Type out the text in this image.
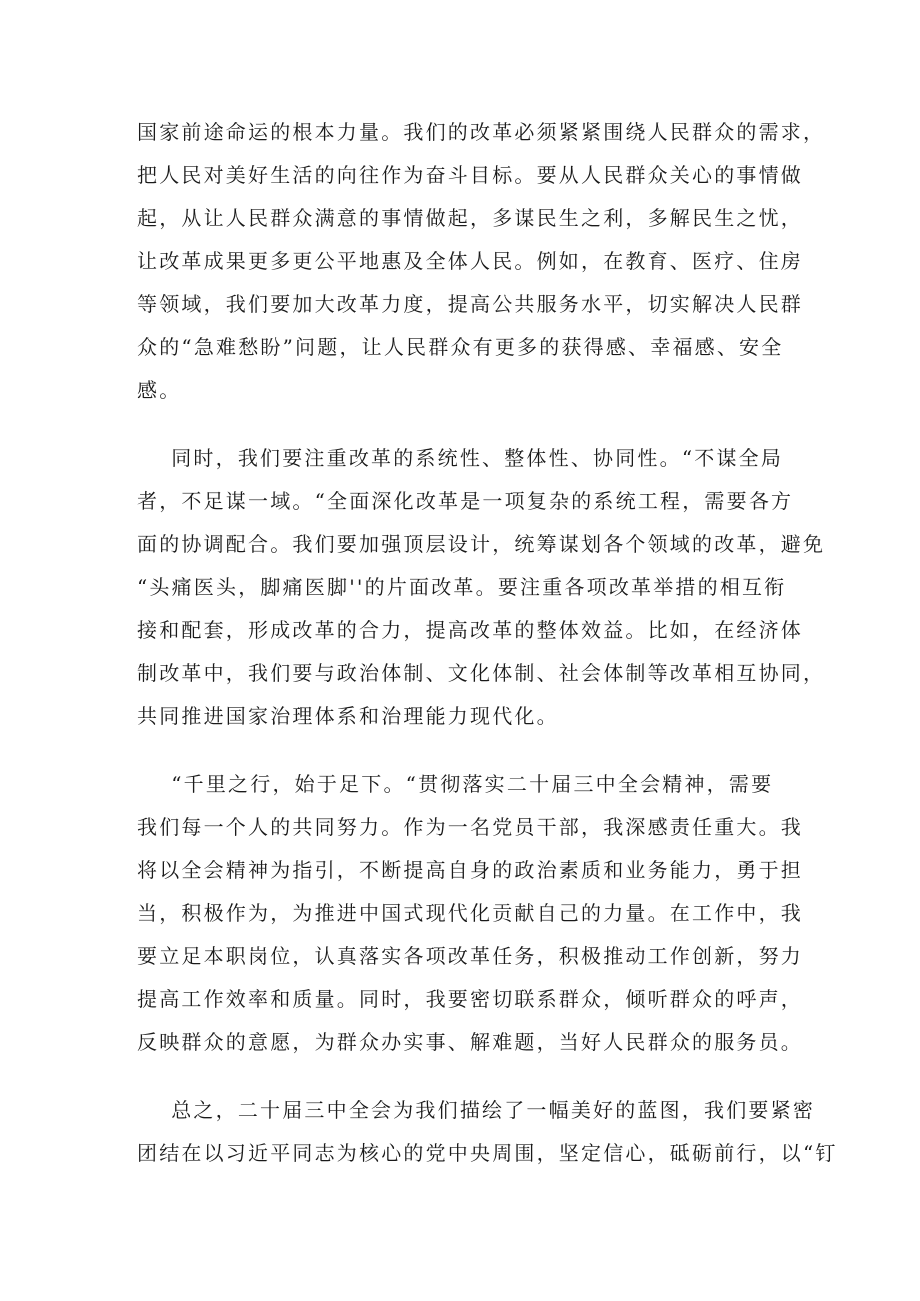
国家前途命运的根本力量。我们的改革必须紧紧围绕人民群众的需求，
把人民对美好生活的向往作为奋斗目标。要从人民群众关心的事情做
起，从让人民群众满意的事情做起，多谋民生之利，多解民生之忧，
让改革成果更多更公平地惠及全体人民。例如，在教育、医疗、住房
等领域，我们要加大改革力度，提高公共服务水平，切实解决人民群
众的“急难愁盼”问题，让人民群众有更多的获得感、幸福感、安全
感。
同时，我们要注重改革的系统性、整体性、协同性。“不谋全局
者，不足谋一域。“全面深化改革是一项复杂的系统工程，需要各方
面的协调配合。我们要加强顶层设计，统筹谋划各个领域的改革，避免
“头痛医头，脚痛医脚''的片面改革。要注重各项改革举措的相互衔
接和配套，形成改革的合力，提高改革的整体效益。比如，在经济体
制改革中，我们要与政治体制、文化体制、社会体制等改革相互协同，
共同推进国家治理体系和治理能力现代化。
“千里之行，始于足下。“贯彻落实二十届三中全会精神，需要
我们每一个人的共同努力。作为一名党员干部，我深感责任重大。我
将以全会精神为指引，不断提高自身的政治素质和业务能力，勇于担
当，积极作为，为推进中国式现代化贡献自己的力量。在工作中，我
要立足本职岗位，认真落实各项改革任务，积极推动工作创新，努力
提高工作效率和质量。同时，我要密切联系群众，倾听群众的呼声，
反映群众的意愿，为群众办实事、解难题，当好人民群众的服务员。
总之，二十届三中全会为我们描绘了一幅美好的蓝图，我们要紧密
团结在以习近平同志为核心的党中央周围，坚定信心，砥砺前行，以“钉
